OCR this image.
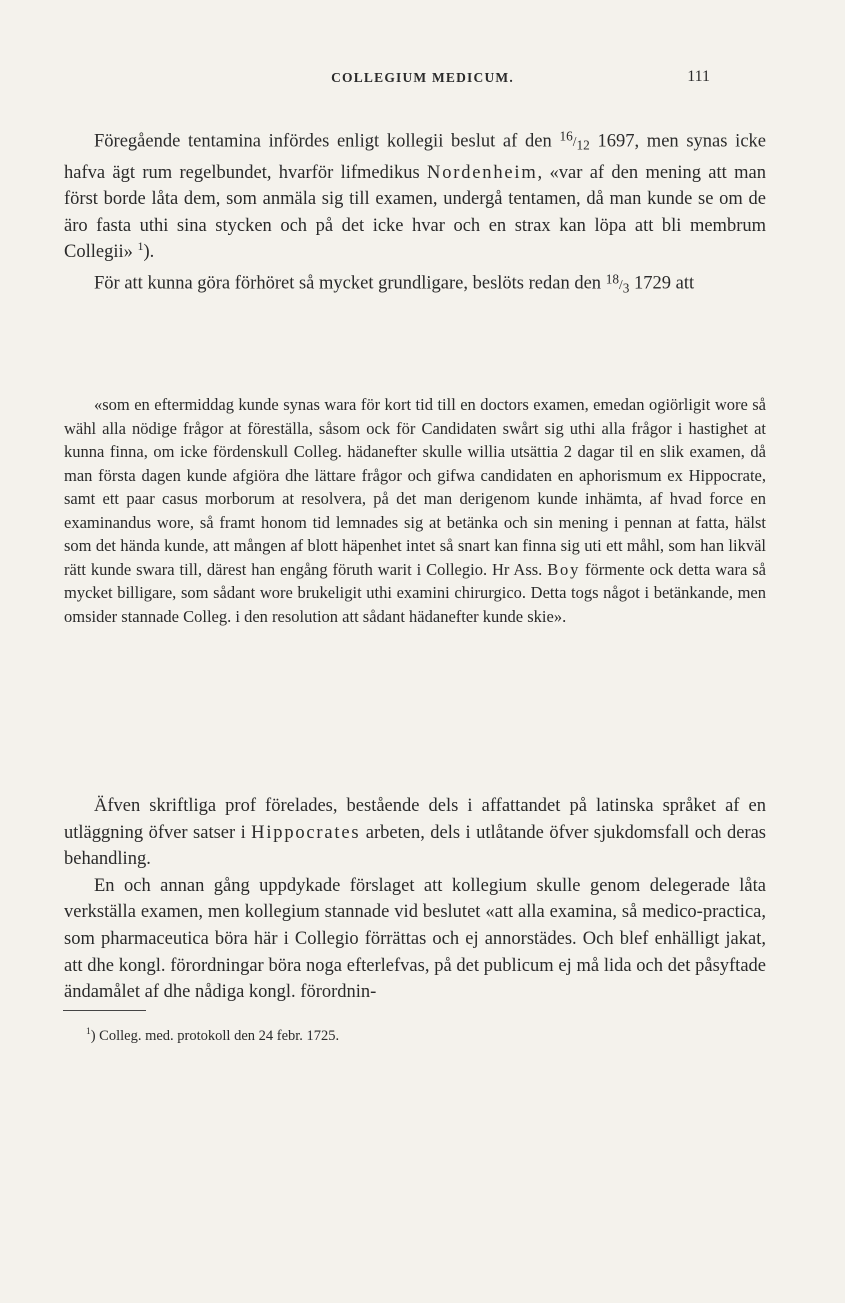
COLLEGIUM MEDICUM.	111

Föregående tentamina infördes enligt kollegii beslut af den $^{16}/_{12}$ 1697, men synas icke hafva ägt rum regelbundet, hvarför lifmedikus Nordenheim, «var af den mening att man först borde låta dem, som anmäla sig till examen, undergå tentamen, då man kunde se om de äro fasta uthi sina stycken och på det icke hvar och en strax kan löpa att bli membrum Collegii» $^1$).

För att kunna göra förhöret så mycket grundligare, beslöts redan den $^{18}/_3$ 1729 att

«som en eftermiddag kunde synas wara för kort tid till en doctors examen, emedan ogiörligit wore så wähl alla nödige frågor at föreställa, såsom ock för Candidaten swårt sig uthi alla frågor i hastighet at kunna finna, om icke fördenskull Colleg. hädanefter skulle willia utsättia 2 dagar til en slik examen, då man första dagen kunde afgiöra dhe lättare frågor och gifwa candidaten en aphorismum ex Hippocrate, samt ett paar casus morborum at resolvera, på det man derigenom kunde inhämta, af hvad force en examinandus wore, så framt honom tid lemnades sig at betänka och sin mening i pennan at fatta, hälst som det hända kunde, att mången af blott häpenhet intet så snart kan finna sig uti ett måhl, som han likväl rätt kunde swara till, därest han engång föruth warit i Collegio. Hr Ass. Boy förmente ock detta wara så mycket billigare, som sådant wore brukeligit uthi examini chirurgico. Detta togs något i betänkande, men omsider stannade Colleg. i den resolution att sådant hädanefter kunde skie».

Äfven skriftliga prof förelades, bestående dels i affattandet på latinska språket af en utläggning öfver satser i Hippocrates arbeten, dels i utlåtande öfver sjukdomsfall och deras behandling.

En och annan gång uppdykade förslaget att kollegium skulle genom delegerade låta verkställa examen, men kollegium stannade vid beslutet «att alla examina, så medico-practica, som pharmaceutica böra här i Collegio förrättas och ej annorstädes. Och blef enhälligt jakat, att dhe kongl. förordningar böra noga efterlefvas, på det publicum ej må lida och det påsyftade ändamålet af dhe nådiga kongl. förordnin-

$^1$) Colleg. med. protokoll den 24 febr. 1725.
